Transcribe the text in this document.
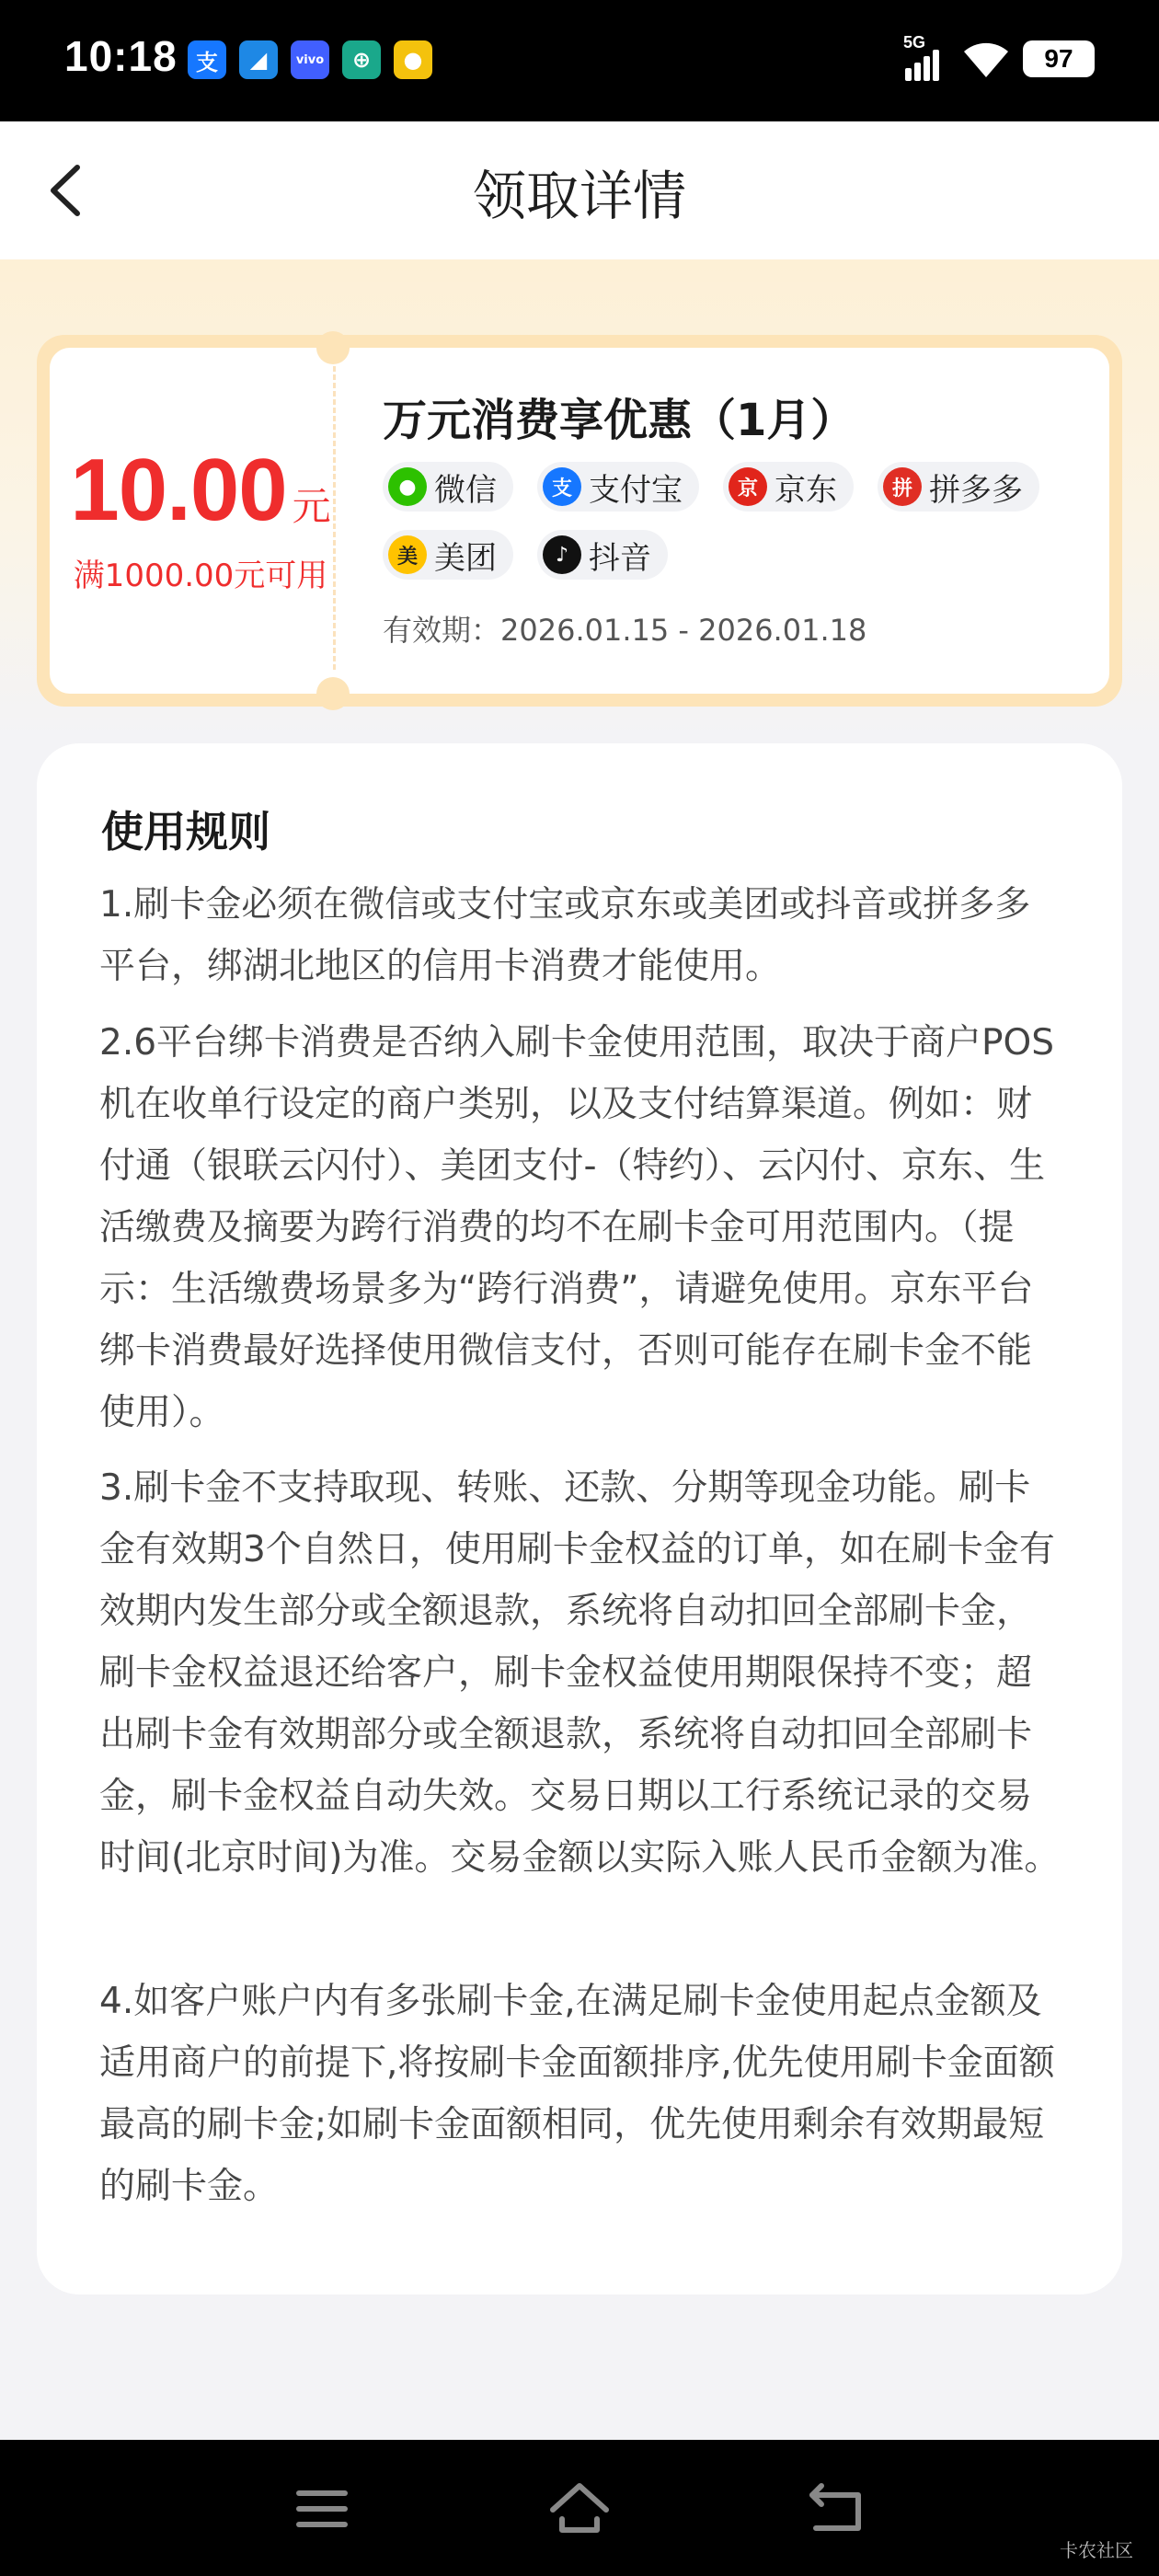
10:18 支	◢	vivo	⊕	●
5G
97
领取详情
10.00 元
满1000.00元可用
万元消费享优惠（1月）
● 微信	支 支付宝	京 京东	拼 拼多多
美 美团	♪ 抖音
有效期：2026.01.15 - 2026.01.18
使用规则
1.刷卡金必须在微信或支付宝或京东或美团或抖音或拼多多平台，绑湖北地区的信用卡消费才能使用。
2.6平台绑卡消费是否纳入刷卡金使用范围，取决于商户POS机在收单行设定的商户类别，以及支付结算渠道。例如：财付通（银联云闪付）、美团支付-（特约）、云闪付、京东、生活缴费及摘要为跨行消费的均不在刷卡金可用范围内。（提示：生活缴费场景多为“跨行消费”，请避免使用。京东平台绑卡消费最好选择使用微信支付，否则可能存在刷卡金不能使用）。
3.刷卡金不支持取现、转账、还款、分期等现金功能。刷卡金有效期3个自然日，使用刷卡金权益的订单，如在刷卡金有效期内发生部分或全额退款，系统将自动扣回全部刷卡金，刷卡金权益退还给客户，刷卡金权益使用期限保持不变；超出刷卡金有效期部分或全额退款，系统将自动扣回全部刷卡金，刷卡金权益自动失效。交易日期以工行系统记录的交易时间(北京时间)为准。交易金额以实际入账人民币金额为准。
4.如客户账户内有多张刷卡金,在满足刷卡金使用起点金额及适用商户的前提下,将按刷卡金面额排序,优先使用刷卡金面额最高的刷卡金;如刷卡金面额相同，优先使用剩余有效期最短的刷卡金。
卡农社区
